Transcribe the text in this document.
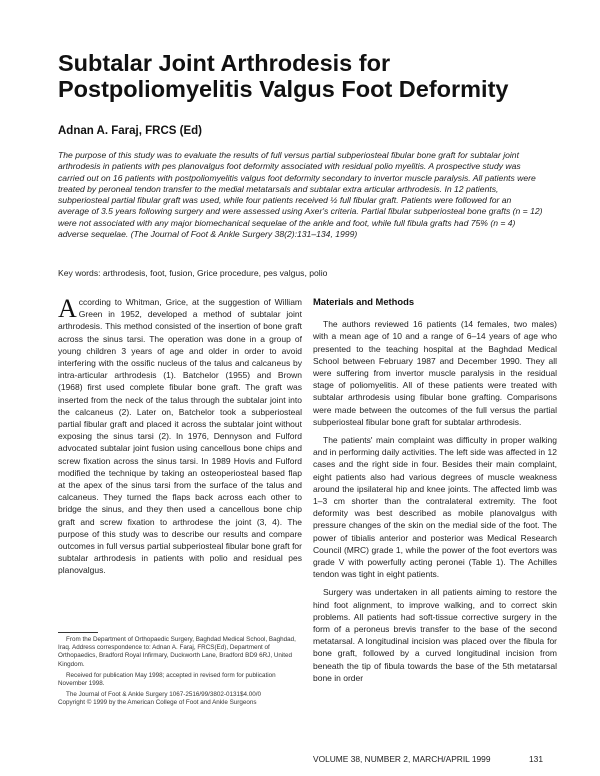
Subtalar Joint Arthrodesis for
Postpoliomyelitis Valgus Foot Deformity
Adnan A. Faraj, FRCS (Ed)
The purpose of this study was to evaluate the results of full versus partial subperiosteal fibular bone graft for subtalar joint arthrodesis in patients with pes planovalgus foot deformity associated with residual polio myelitis. A prospective study was carried out on 16 patients with postpoliomyelitis valgus foot deformity secondary to invertor muscle paralysis. All patients were treated by peroneal tendon transfer to the medial metatarsals and subtalar extra articular arthrodesis. In 12 patients, subperiosteal partial fibular graft was used, while four patients received ½ full fibular graft. Patients were followed for an average of 3.5 years following surgery and were assessed using Axer's criteria. Partial fibular subperiosteal bone grafts (n = 12) were not associated with any major biomechanical sequelae of the ankle and foot, while full fibula grafts had 75% (n = 4) adverse sequelae. (The Journal of Foot & Ankle Surgery 38(2):131–134, 1999)
Key words: arthrodesis, foot, fusion, Grice procedure, pes valgus, polio

According to Whitman, Grice, at the suggestion of William Green in 1952, developed a method of subtalar joint arthrodesis. This method consisted of the insertion of bone graft across the sinus tarsi. The operation was done in a group of young children 3 years of age and older in order to avoid interfering with the ossific nucleus of the talus and calcaneus by intra-articular arthrodesis (1). Batchelor (1955) and Brown (1968) first used complete fibular bone graft. The graft was inserted from the neck of the talus through the subtalar joint into the calcaneus (2). Later on, Batchelor took a subperiosteal partial fibular graft and placed it across the subtalar joint without exposing the sinus tarsi (2). In 1976, Dennyson and Fulford advocated subtalar joint fusion using cancellous bone chips and screw fixation across the sinus tarsi. In 1989 Hovis and Fulford modified the technique by taking an osteoperiosteal based flap at the apex of the sinus tarsi from the surface of the talus and calcaneus. They turned the flaps back across each other to bridge the sinus, and they then used a cancellous bone chip graft and screw fixation to arthrodese the joint (3, 4). The purpose of this study was to describe our results and compare outcomes in full versus partial subperiosteal fibular bone graft for subtalar arthrodesis in patients with polio and residual pes planovalgus.

From the Department of Orthopaedic Surgery, Baghdad Medical School, Baghdad, Iraq. Address correspondence to: Adnan A. Faraj, FRCS(Ed), Department of Orthopaedics, Bradford Royal Infirmary, Duckworth Lane, Bradford BD9 6RJ, United Kingdom.

Received for publication May 1998; accepted in revised form for publication November 1998.

The Journal of Foot & Ankle Surgery 1067-2516/99/3802-0131$4.00/0

Copyright © 1999 by the American College of Foot and Ankle Surgeons

Materials and Methods

The authors reviewed 16 patients (14 females, two males) with a mean age of 10 and a range of 6–14 years of age who presented to the teaching hospital at the Baghdad Medical School between February 1987 and December 1990. They all were suffering from invertor muscle paralysis in the residual stage of poliomyelitis. All of these patients were treated with subtalar arthrodesis using fibular bone grafting. Comparisons were made between the outcomes of the full versus the partial subperiosteal fibular bone graft for subtalar arthrodesis.

The patients' main complaint was difficulty in proper walking and in performing daily activities. The left side was affected in 12 cases and the right side in four. Besides their main complaint, eight patients also had various degrees of muscle weakness around the ipsilateral hip and knee joints. The affected limb was 1–3 cm shorter than the contralateral extremity. The foot deformity was best described as mobile planovalgus with pressure changes of the skin on the medial side of the foot. The power of tibialis anterior and posterior was Medical Research Council (MRC) grade 1, while the power of the foot evertors was grade V with powerfully acting peronei (Table 1). The Achilles tendon was tight in eight patients.

Surgery was undertaken in all patients aiming to restore the hind foot alignment, to improve walking, and to correct skin problems. All patients had soft-tissue corrective surgery in the form of a peroneus brevis transfer to the base of the second metatarsal. A longitudinal incision was placed over the fibula for bone graft, followed by a curved longitudinal incision from beneath the tip of fibula towards the base of the 5th metatarsal bone in order

VOLUME 38, NUMBER 2, MARCH/APRIL 1999	131
